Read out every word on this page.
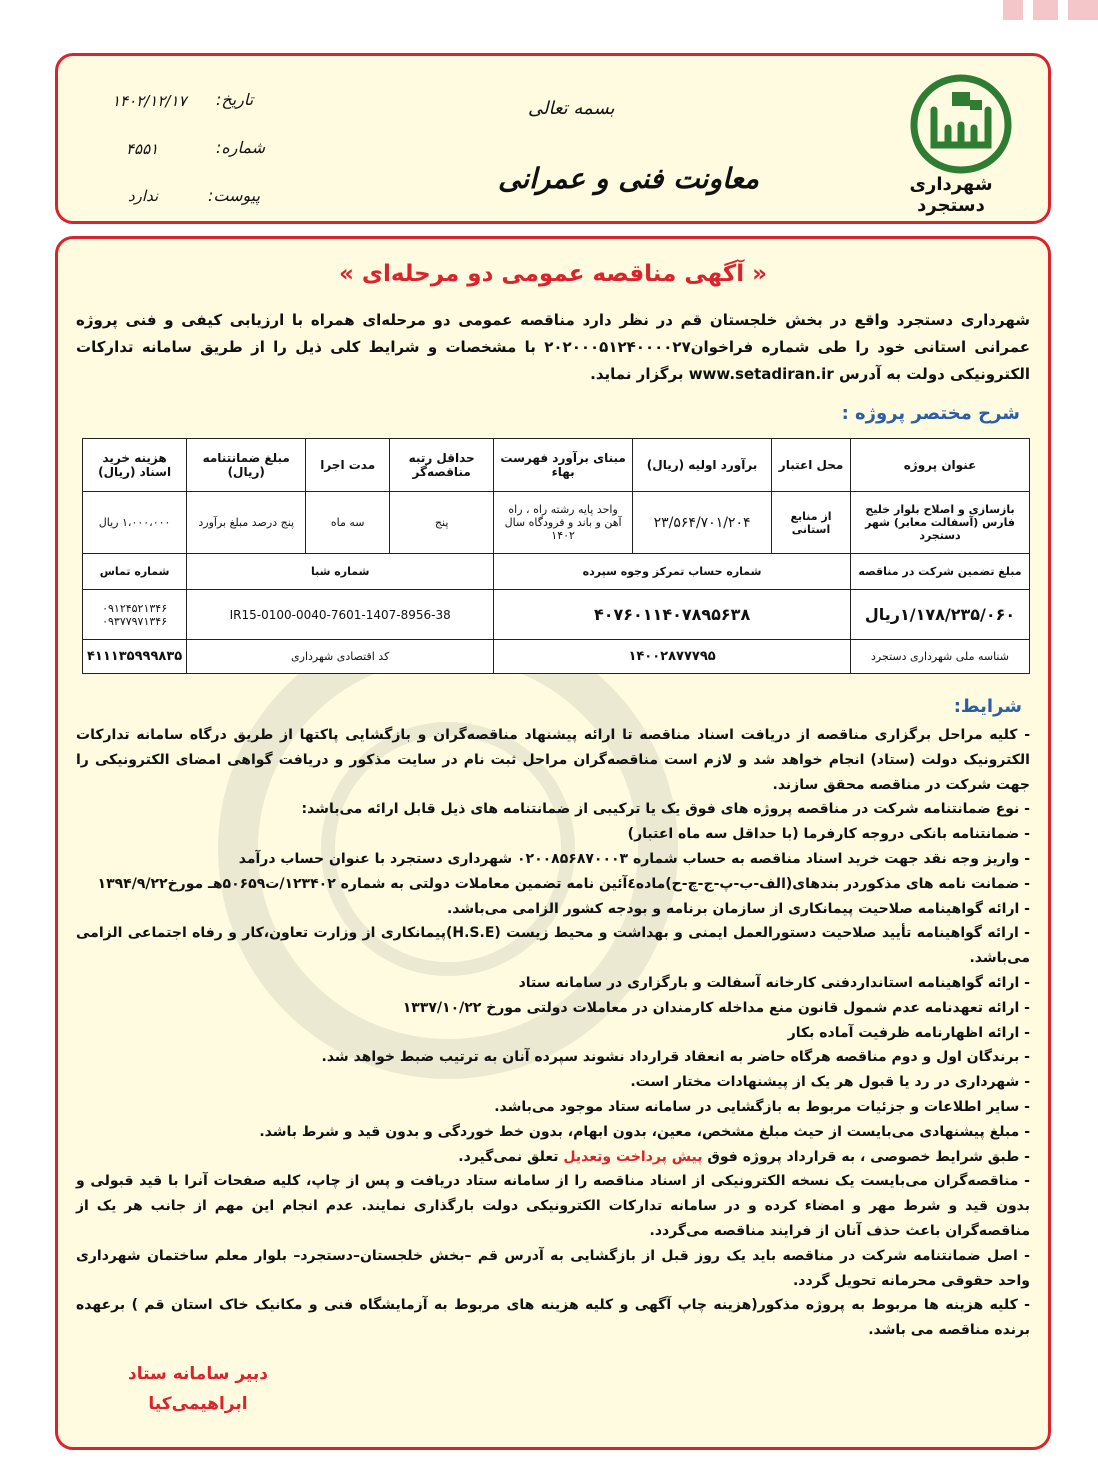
شهرداری دستجرد
بسمه تعالی
معاونت فنی و عمرانی
تاریخ:
۱۴۰۲/۱۲/۱۷
شماره:
۴۵۵۱
پیوست:
ندارد
« آگهی مناقصه عمومی دو مرحله‌ای »
شهرداری دستجرد واقع در بخش خلجستان قم در نظر دارد مناقصه عمومی دو مرحله‌ای همراه با ارزیابی کیفی و فنی پروژه عمرانی استانی خود را طی شماره فراخوان۲۰۲۰۰۰۵۱۲۴۰۰۰۰۲۷ با مشخصات و شرایط کلی ذیل را از طریق سامانه تدارکات الکترونیکی دولت به آدرس www.setadiran.ir برگزار نماید.
شرح مختصر پروژه :
عنوان پروژه	محل اعتبار	برآورد اولیه (ریال)	مبنای برآورد فهرست بهاء	حداقل رتبه مناقصه‌گر	مدت اجرا	مبلغ ضمانتنامه (ریال)	هزینه خرید اسناد (ریال)
بازسازی و اصلاح بلوار خلیج فارس (آسفالت معابر) شهر دستجرد	از منابع استانی	۲۳/۵۶۴/۷۰۱/۲۰۴	واحد پایه رشته راه ، راه آهن و باند و فرودگاه سال ۱۴۰۲	پنج	سه ماه	پنج درصد مبلغ برآورد	۱،۰۰۰،۰۰۰ ریال
مبلغ تضمین شرکت در مناقصه	شماره حساب تمرکز وجوه سپرده			شماره شبا			شماره تماس
۱/۱۷۸/۲۳۵/۰۶۰ریال	۴۰۷۶۰۱۱۴۰۷۸۹۵۶۳۸			IR15-0100-0040-7601-1407-8956-38			۰۹۱۲۴۵۲۱۳۴۶
۰۹۳۷۷۹۷۱۳۴۶

شناسه ملی شهرداری دستجرد	۱۴۰۰۲۸۷۷۷۹۵			کد اقتصادی شهرداری			۴۱۱۱۳۵۹۹۹۸۳۵
شرایط:
- کلیه مراحل برگزاری مناقصه از دریافت اسناد مناقصه تا ارائه پیشنهاد مناقصه‌گران و بازگشایی پاکتها از طریق درگاه سامانه تدارکات الکترونیک دولت (ستاد) انجام خواهد شد و لازم است مناقصه‌گران مراحل ثبت نام در سایت مذکور و دریافت گواهی امضای الکترونیکی را جهت شرکت در مناقصه محقق سازند.
- نوع ضمانتنامه شرکت در مناقصه پروژه های فوق یک یا ترکیبی از ضمانتنامه های ذیل قابل ارائه می‌باشد:
- ضمانتنامه بانکی دروجه کارفرما (با حداقل سه ماه اعتبار)
- واریز وجه نقد جهت خرید اسناد مناقصه به حساب شماره ۰۲۰۰۸۵۶۸۷۰۰۰۳ شهرداری دستجرد با عنوان حساب درآمد
- ضمانت نامه های مذکوردر بندهای(الف-ب-پ-ج-چ-ح)ماده٤آئین نامه تضمین معاملات دولتی به شماره ۱۲۳۴۰۲/ت۵۰۶۵۹هـ مورخ۱۳۹۴/۹/۲۲
- ارائه گواهینامه صلاحیت پیمانکاری از سازمان برنامه و بودجه کشور الزامی می‌باشد.
- ارائه گواهینامه تأیید صلاحیت دستورالعمل ایمنی و بهداشت و محیط زیست (H.S.E)پیمانکاری از وزارت تعاون،کار و رفاه اجتماعی الزامی می‌باشد.
- ارائه گواهینامه استانداردفنی کارخانه آسفالت و بارگزاری در سامانه ستاد
- ارائه تعهدنامه عدم شمول قانون منع مداخله کارمندان در معاملات دولتی مورخ ۱۳۳۷/۱۰/۲۲
- ارائه اظهارنامه ظرفیت آماده بکار
- برندگان اول و دوم مناقصه هرگاه حاضر به انعقاد قرارداد نشوند سپرده آنان به ترتیب ضبط خواهد شد.
- شهرداری در رد یا قبول هر یک از پیشنهادات مختار است.
- سایر اطلاعات و جزئیات مربوط به بازگشایی در سامانه ستاد موجود می‌باشد.
- مبلغ پیشنهادی می‌بایست از حیث مبلغ مشخص، معین، بدون ابهام، بدون خط خوردگی و بدون قید و شرط باشد.
- طبق شرایط خصوصی ، به قرارداد پروژه فوق پیش پرداخت وتعدیل تعلق نمی‌گیرد.
- مناقصه‌گران می‌بایست یک نسخه الکترونیکی از اسناد مناقصه را از سامانه ستاد دریافت و پس از چاپ، کلیه صفحات آنرا با قید قبولی و بدون قید و شرط مهر و امضاء کرده و در سامانه تدارکات الکترونیکی دولت بارگذاری نمایند. عدم انجام این مهم از جانب هر یک از مناقصه‌گران باعث حذف آنان از فرایند مناقصه می‌گردد.
- اصل ضمانتنامه شرکت در مناقصه باید یک روز قبل از بازگشایی به آدرس قم –بخش خلجستان–دستجرد– بلوار معلم ساختمان شهرداری واحد حقوقی محرمانه تحویل گردد.
- کلیه هزینه ها مربوط به پروژه مذکور(هزینه چاپ آگهی و کلیه هزینه های مربوط به آزمایشگاه فنی و مکانیک خاک استان قم ) برعهده برنده مناقصه می باشد.
دبیر سامانه ستاد
ابراهیمی‌کیا
